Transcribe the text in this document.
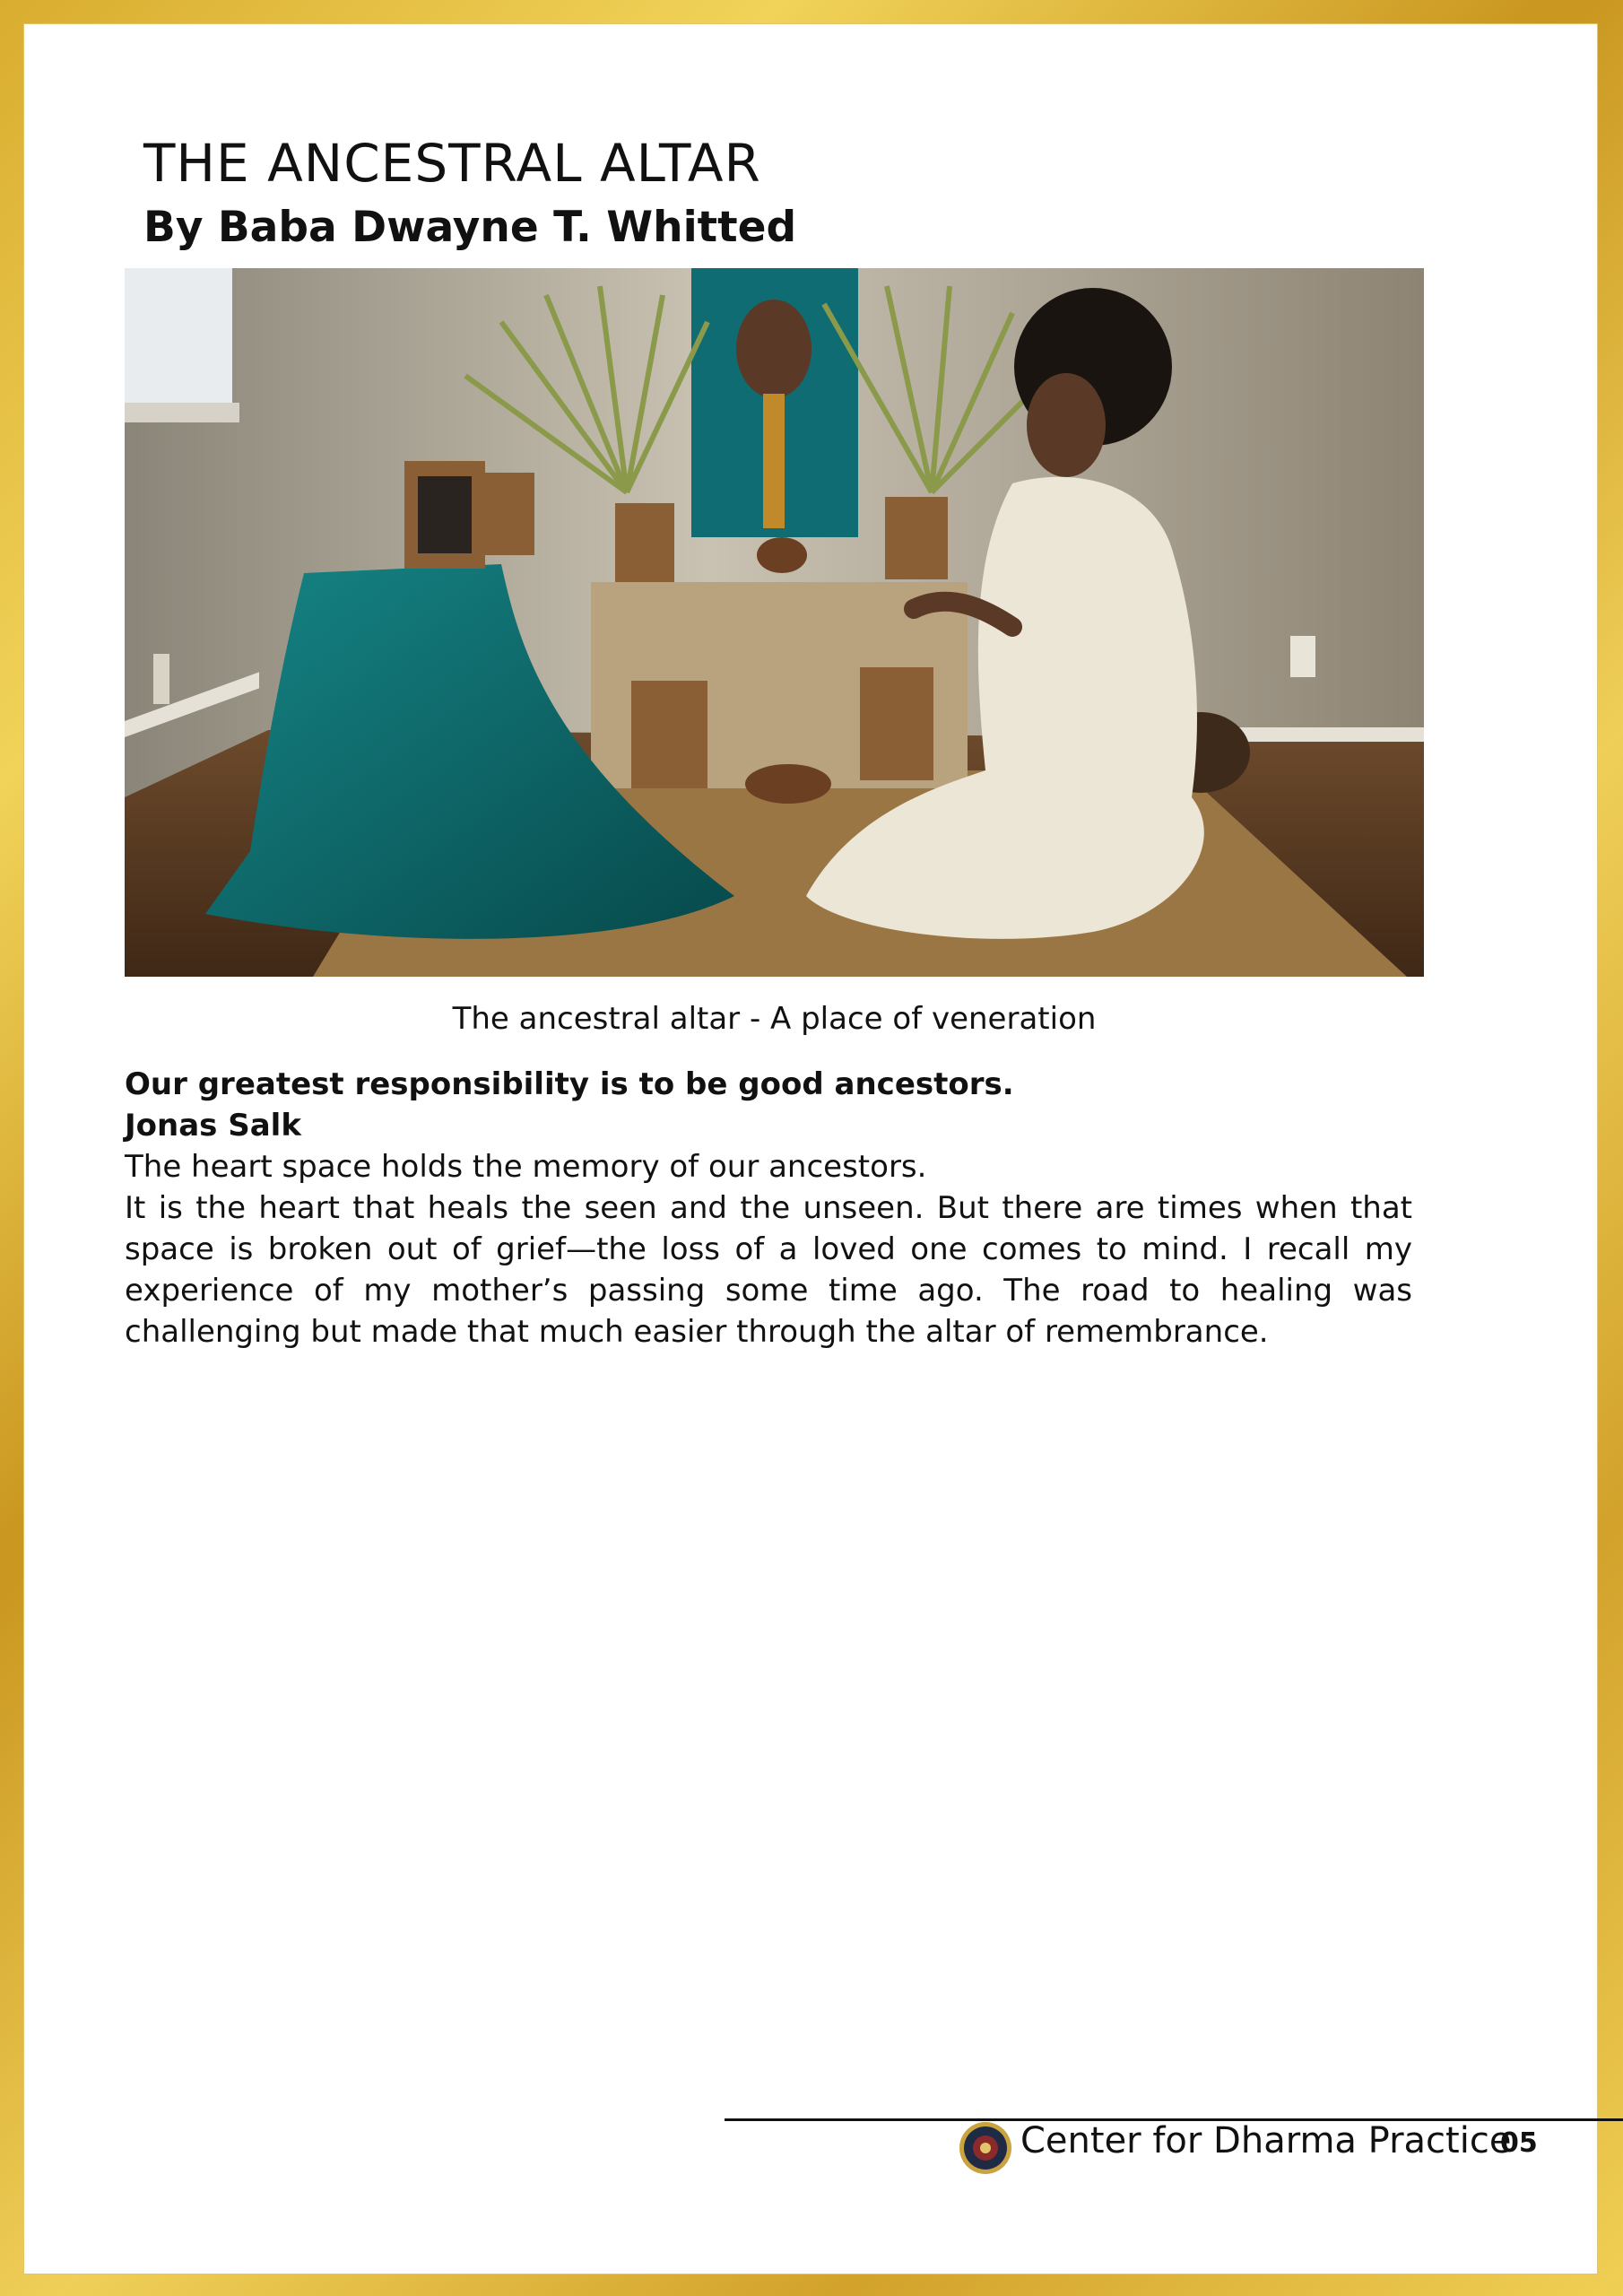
THE ANCESTRAL ALTAR
By Baba Dwayne T. Whitted
The ancestral altar - A place of veneration

Our greatest responsibility is to be good ancestors.

Jonas Salk

The heart space holds the memory of our ancestors.

It is the heart that heals the seen and the unseen. But there are times when that space is broken out of grief—the loss of a loved one comes to mind. I recall my experience of my mother’s passing some time ago. The road to healing was challenging but made that much easier through the altar of remembrance.

Center for Dharma Practice
05
